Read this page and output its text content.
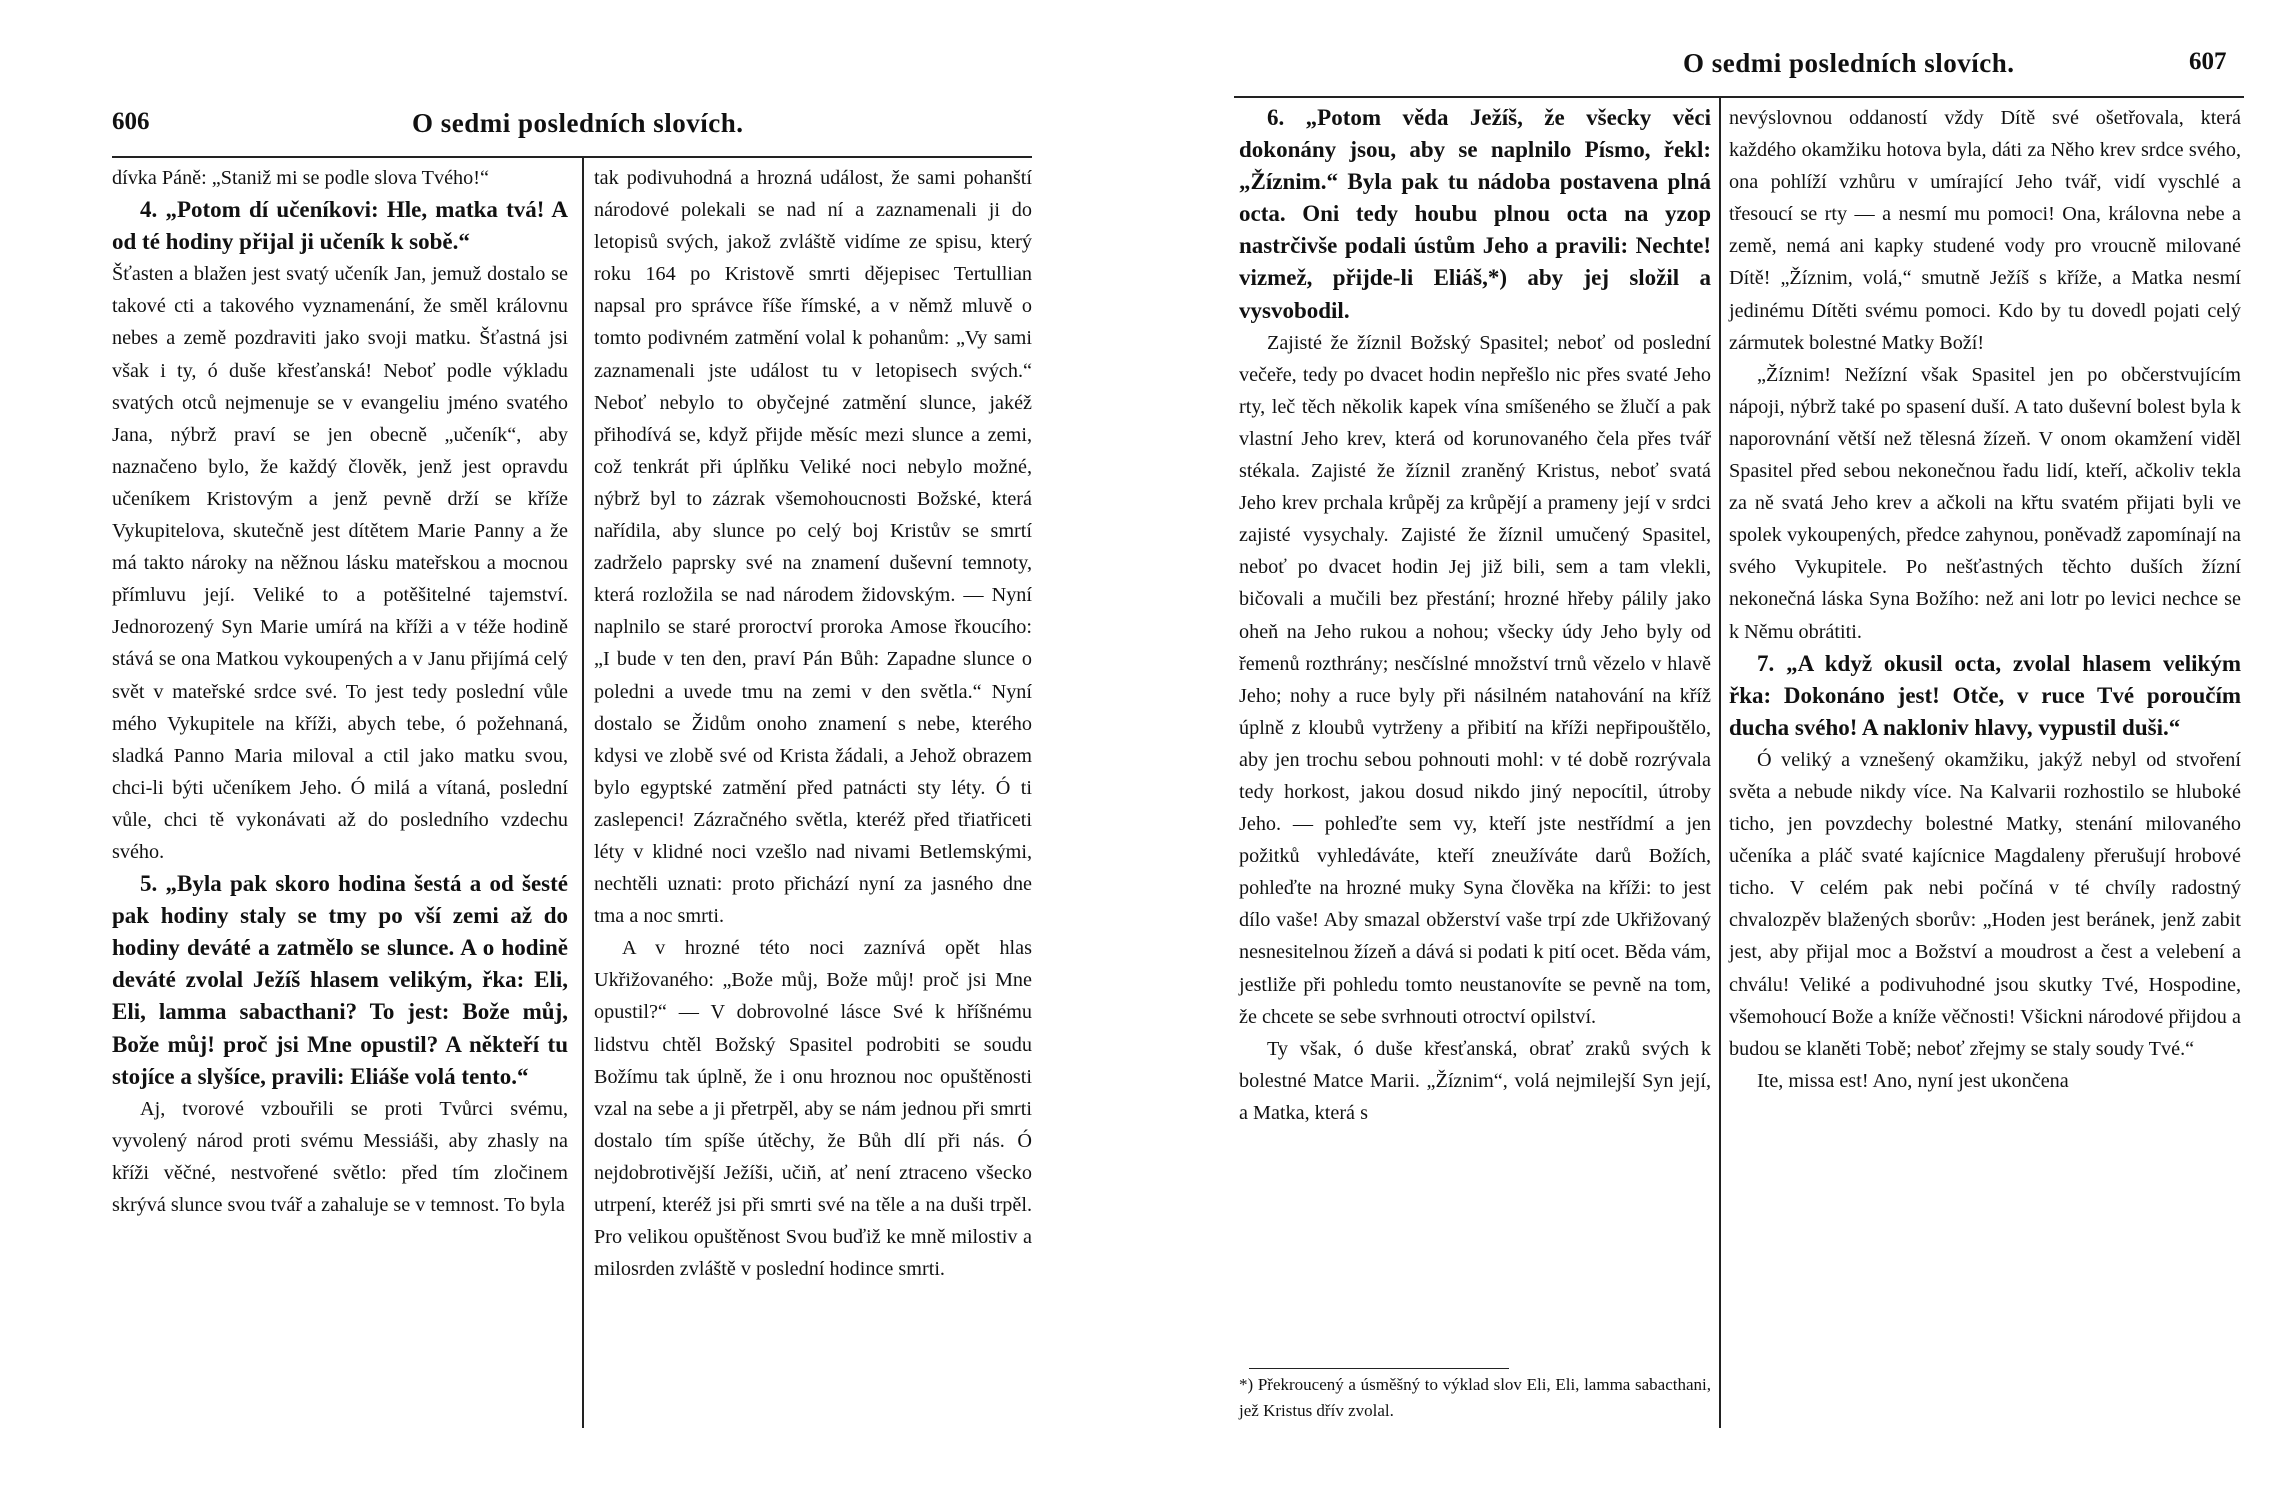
606	O sedmi posledních slovích.

dívka Páně: „Staniž mi se podle slova Tvého!“

4. „Potom dí učeníkovi: Hle, matka tvá! A od té hodiny přijal ji učeník k sobě.“

Šťasten a blažen jest svatý učeník Jan, jemuž dostalo se takové cti a takového vyznamenání, že směl královnu nebes a země pozdraviti jako svoji matku. Šťastná jsi však i ty, ó duše křesťanská! Neboť podle výkladu svatých otců nejmenuje se v evangeliu jméno svatého Jana, nýbrž praví se jen obecně „učeník“, aby naznačeno bylo, že každý člověk, jenž jest opravdu učeníkem Kristovým a jenž pevně drží se kříže Vykupitelova, skutečně jest dítětem Marie Panny a že má takto nároky na něžnou lásku mateřskou a mocnou přímluvu její. Veliké to a potěšitelné tajemství. Jednorozený Syn Marie umírá na kříži a v téže hodině stává se ona Matkou vykoupených a v Janu přijímá celý svět v mateřské srdce své. To jest tedy poslední vůle mého Vykupitele na kříži, abych tebe, ó požehnaná, sladká Panno Maria miloval a ctil jako matku svou, chci-li býti učeníkem Jeho. Ó milá a vítaná, poslední vůle, chci tě vykonávati až do posledního vzdechu svého.

5. „Byla pak skoro hodina šestá a od šesté pak hodiny staly se tmy po vší zemi až do hodiny deváté a zatmělo se slunce. A o hodině deváté zvolal Ježíš hlasem velikým, řka: Eli, Eli, lamma sabacthani? To jest: Bože můj, Bože můj! proč jsi Mne opustil? A někteří tu stojíce a slyšíce, pravili: Eliáše volá tento.“

Aj, tvorové vzbouřili se proti Tvůrci svému, vyvolený národ proti svému Messiáši, aby zhasly na kříži věčné, nestvořené světlo: před tím zločinem skrývá slunce svou tvář a zahaluje se v temnost. To byla

tak podivuhodná a hrozná událost, že sami pohanští národové polekali se nad ní a zaznamenali ji do letopisů svých, jakož zvláště vidíme ze spisu, který roku 164 po Kristově smrti dějepisec Tertullian napsal pro správce říše římské, a v němž mluvě o tomto podivném zatmění volal k pohanům: „Vy sami zaznamenali jste událost tu v letopisech svých.“ Neboť nebylo to obyčejné zatmění slunce, jakéž přihodívá se, když přijde měsíc mezi slunce a zemi, což tenkrát při úplňku Veliké noci nebylo možné, nýbrž byl to zázrak všemohoucnosti Božské, která nařídila, aby slunce po celý boj Kristův se smrtí zadrželo paprsky své na znamení duševní temnoty, která rozložila se nad národem židovským. — Nyní naplnilo se staré proroctví proroka Amose řkoucího: „I bude v ten den, praví Pán Bůh: Zapadne slunce o poledni a uvede tmu na zemi v den světla.“ Nyní dostalo se Židům onoho znamení s nebe, kterého kdysi ve zlobě své od Krista žádali, a Jehož obrazem bylo egyptské zatmění před patnácti sty léty. Ó ti zaslepenci! Zázračného světla, kteréž před třiatřiceti léty v klidné noci vzešlo nad nivami Betlemskými, nechtěli uznati: proto přichází nyní za jasného dne tma a noc smrti.

A v hrozné této noci zaznívá opět hlas Ukřižovaného: „Bože můj, Bože můj! proč jsi Mne opustil?“ — V dobrovolné lásce Své k hříšnému lidstvu chtěl Božský Spasitel podrobiti se soudu Božímu tak úplně, že i onu hroznou noc opuštěnosti vzal na sebe a ji přetrpěl, aby se nám jednou při smrti dostalo tím spíše útěchy, že Bůh dlí při nás. Ó nejdobrotivější Ježíši, učiň, ať není ztraceno všecko utrpení, kteréž jsi při smrti své na těle a na duši trpěl. Pro velikou opuštěnost Svou buďiž ke mně milostiv a milosrden zvláště v poslední hodince smrti.

O sedmi posledních slovích.	607

6. „Potom věda Ježíš, že všecky věci dokonány jsou, aby se naplnilo Písmo, řekl: „Žíznim.“ Byla pak tu nádoba postavena plná octa. Oni tedy houbu plnou octa na yzop nastrčivše podali ústům Jeho a pravili: Nechte! vizmež, přijde-li Eliáš,*) aby jej složil a vysvobodil.

Zajisté že žíznil Božský Spasitel; neboť od poslední večeře, tedy po dvacet hodin nepřešlo nic přes svaté Jeho rty, leč těch několik kapek vína smíšeného se žlučí a pak vlastní Jeho krev, která od korunovaného čela přes tvář stékala. Zajisté že žíznil zraněný Kristus, neboť svatá Jeho krev prchala krůpěj za krůpějí a prameny její v srdci zajisté vysychaly. Zajisté že žíznil umučený Spasitel, neboť po dvacet hodin Jej již bili, sem a tam vlekli, bičovali a mučili bez přestání; hrozné hřeby pálily jako oheň na Jeho rukou a nohou; všecky údy Jeho byly od řemenů rozthrány; nesčíslné množství trnů vězelo v hlavě Jeho; nohy a ruce byly při násilném natahování na kříž úplně z kloubů vytrženy a přibití na kříži nepřipouštělo, aby jen trochu sebou pohnouti mohl: v té době rozrývala tedy horkost, jakou dosud nikdo jiný nepocítil, útroby Jeho. — pohleďte sem vy, kteří jste nestřídmí a jen požitků vyhledáváte, kteří zneužíváte darů Božích, pohleďte na hrozné muky Syna člověka na kříži: to jest dílo vaše! Aby smazal obžerství vaše trpí zde Ukřižovaný nesnesitelnou žízeň a dává si podati k pití ocet. Běda vám, jestliže při pohledu tomto neustanovíte se pevně na tom, že chcete se sebe svrhnouti otroctví opilství.

Ty však, ó duše křesťanská, obrať zraků svých k bolestné Matce Marii. „Žíznim“, volá nejmilejší Syn její, a Matka, která s

nevýslovnou oddaností vždy Dítě své ošetřovala, která každého okamžiku hotova byla, dáti za Něho krev srdce svého, ona pohlíží vzhůru v umírající Jeho tvář, vidí vyschlé a třesoucí se rty — a nesmí mu pomoci! Ona, královna nebe a země, nemá ani kapky studené vody pro vroucně milované Dítě! „Žíznim, volá,“ smutně Ježíš s kříže, a Matka nesmí jedinému Dítěti svému pomoci. Kdo by tu dovedl pojati celý zármutek bolestné Matky Boží!

„Žíznim! Nežízní však Spasitel jen po občerstvujícím nápoji, nýbrž také po spasení duší. A tato duševní bolest byla k naporovnání větší než tělesná žízeň. V onom okamžení viděl Spasitel před sebou nekonečnou řadu lidí, kteří, ačkoliv tekla za ně svatá Jeho krev a ačkoli na křtu svatém přijati byli ve spolek vykoupených, předce zahynou, poněvadž zapomínají na svého Vykupitele. Po nešťastných těchto duších žízní nekonečná láska Syna Božího: než ani lotr po levici nechce se k Němu obrátiti.

7. „A když okusil octa, zvolal hlasem velikým řka: Dokonáno jest! Otče, v ruce Tvé poroučím ducha svého! A nakloniv hlavy, vypustil duši.“

Ó veliký a vznešený okamžiku, jakýž nebyl od stvoření světa a nebude nikdy více. Na Kalvarii rozhostilo se hluboké ticho, jen povzdechy bolestné Matky, stenání milovaného učeníka a pláč svaté kajícnice Magdaleny přerušují hrobové ticho. V celém pak nebi počíná v té chvíly radostný chvalozpěv blažených sborův: „Hoden jest beránek, jenž zabit jest, aby přijal moc a Božství a moudrost a čest a velebení a chválu! Veliké a podivuhodné jsou skutky Tvé, Hospodine, všemohoucí Bože a kníže věčnosti! Všickni národové přijdou a budou se klaněti Tobě; neboť zřejmy se staly soudy Tvé.“

Ite, missa est! Ano, nyní jest ukončena

*) Překroucený a úsměšný to výklad slov Eli, Eli, lamma sabacthani, jež Kristus dřív zvolal.
